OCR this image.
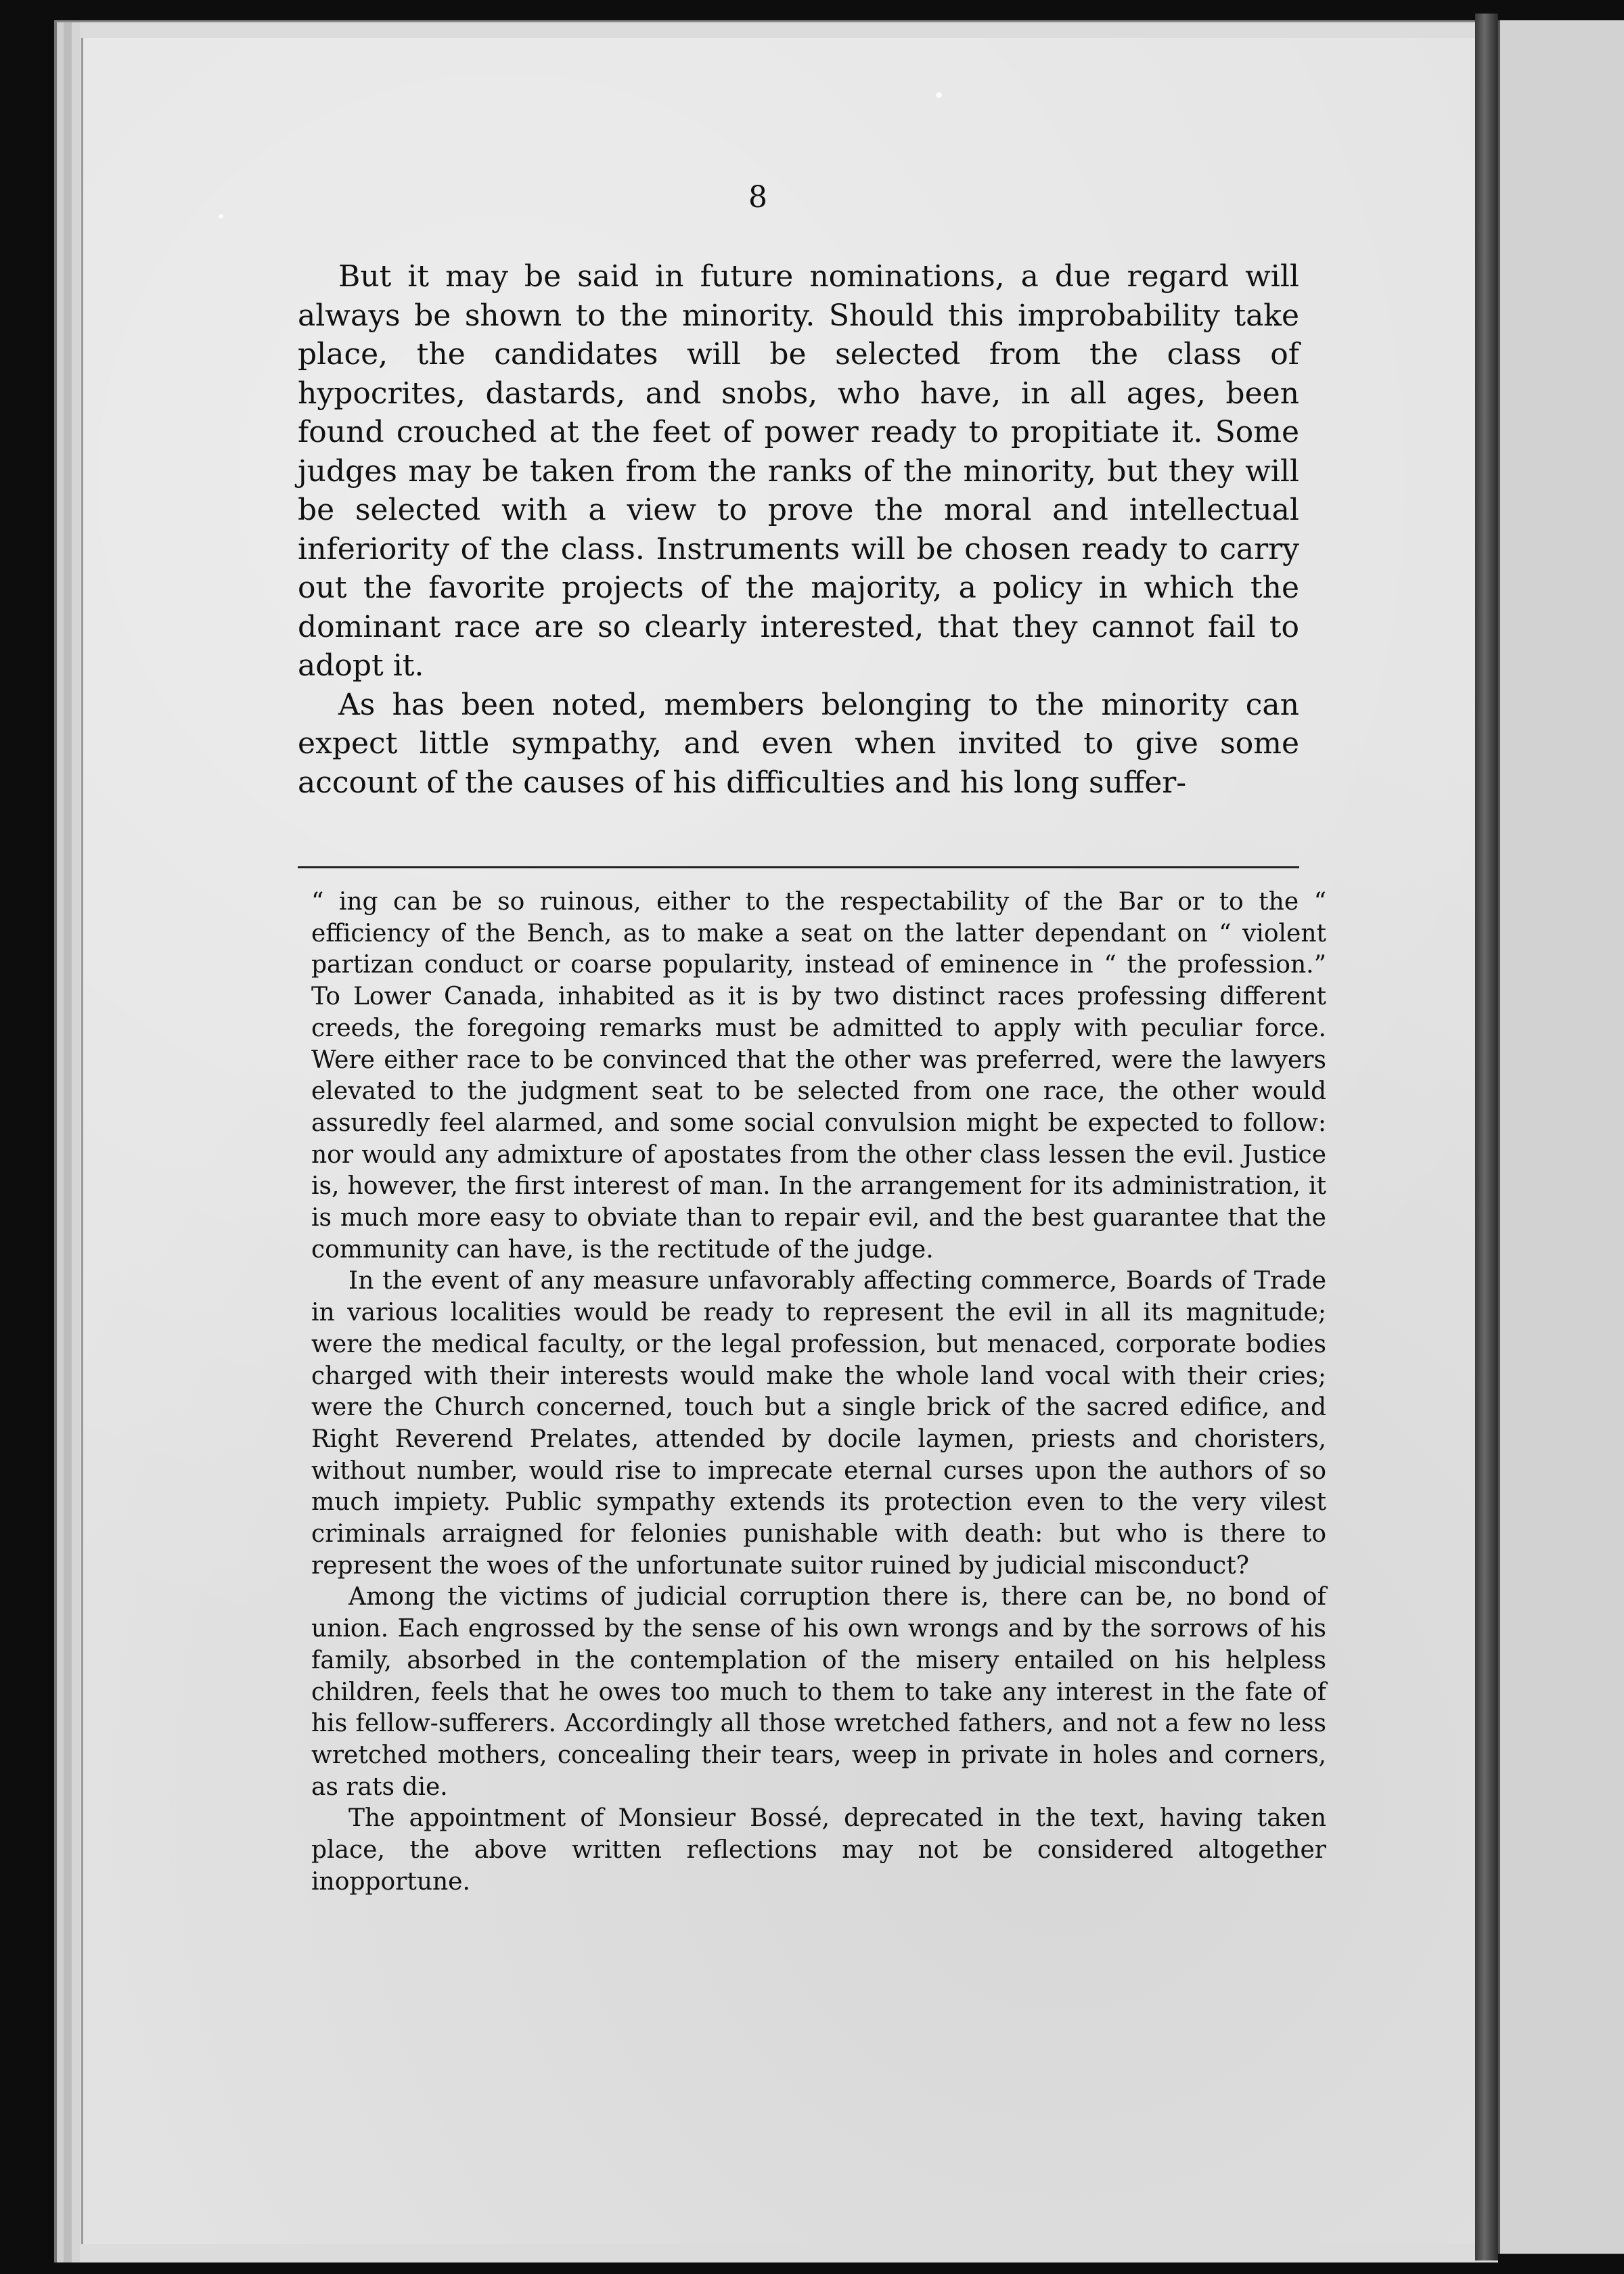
8

But it may be said in future nominations, a due regard will always be shown to the minority. Should this improbability take place, the candidates will be selected from the class of hypocrites, dastards, and snobs, who have, in all ages, been found crouched at the feet of power ready to propitiate it. Some judges may be taken from the ranks of the minority, but they will be selected with a view to prove the moral and intellectual inferiority of the class. Instruments will be chosen ready to carry out the favorite projects of the majority, a policy in which the dominant race are so clearly interested, that they cannot fail to adopt it.

As has been noted, members belonging to the minority can expect little sympathy, and even when invited to give some account of the causes of his difficulties and his long suffer-

“ ing can be so ruinous, either to the respectability of the Bar or to the “ efficiency of the Bench, as to make a seat on the latter dependant on “ violent partizan conduct or coarse popularity, instead of eminence in “ the profession.” To Lower Canada, inhabited as it is by two distinct races professing different creeds, the foregoing remarks must be admitted to apply with peculiar force. Were either race to be convinced that the other was preferred, were the lawyers elevated to the judgment seat to be selected from one race, the other would assuredly feel alarmed, and some social convulsion might be expected to follow: nor would any admixture of apostates from the other class lessen the evil. Justice is, however, the first interest of man. In the arrangement for its administration, it is much more easy to obviate than to repair evil, and the best guarantee that the community can have, is the rectitude of the judge.

In the event of any measure unfavorably affecting commerce, Boards of Trade in various localities would be ready to represent the evil in all its magnitude; were the medical faculty, or the legal profession, but menaced, corporate bodies charged with their interests would make the whole land vocal with their cries; were the Church concerned, touch but a single brick of the sacred edifice, and Right Reverend Prelates, attended by docile laymen, priests and choristers, without number, would rise to imprecate eternal curses upon the authors of so much impiety. Public sympathy extends its protection even to the very vilest criminals arraigned for felonies punishable with death: but who is there to represent the woes of the unfortunate suitor ruined by judicial misconduct?

Among the victims of judicial corruption there is, there can be, no bond of union. Each engrossed by the sense of his own wrongs and by the sorrows of his family, absorbed in the contemplation of the misery entailed on his helpless children, feels that he owes too much to them to take any interest in the fate of his fellow-sufferers. Accordingly all those wretched fathers, and not a few no less wretched mothers, concealing their tears, weep in private in holes and corners, as rats die.

The appointment of Monsieur Bossé, deprecated in the text, having taken place, the above written reflections may not be considered altogether inopportune.
